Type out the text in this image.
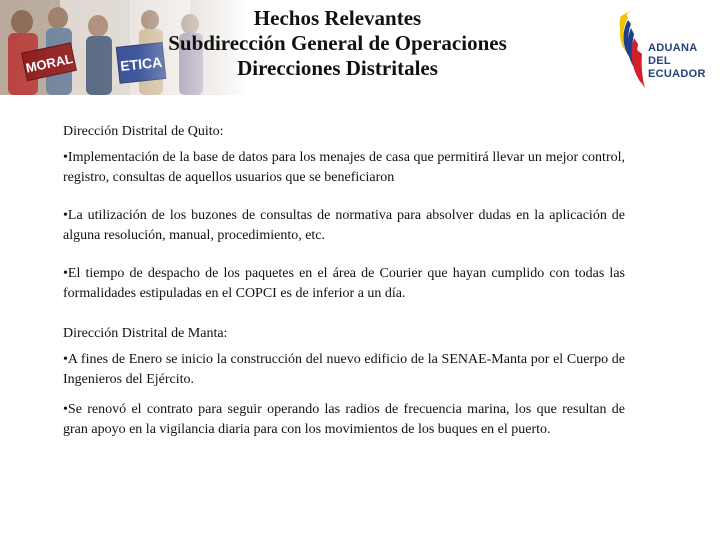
Hechos Relevantes
Subdirección General de Operaciones
Direcciones Distritales
ADUANA
DEL
ECUADOR
Dirección Distrital de Quito:
•Implementación de la base de datos para los menajes de casa que permitirá llevar un mejor control, registro, consultas de aquellos usuarios que se beneficiaron
•La utilización de los buzones de consultas de normativa para absolver dudas en la aplicación de alguna resolución, manual, procedimiento, etc.
•El tiempo de despacho de los paquetes en el área de Courier que hayan cumplido con todas las formalidades estipuladas en el COPCI es de inferior a un día.
Dirección Distrital de Manta:
•A fines de Enero se inicio la construcción del nuevo edificio de la SENAE-Manta por el Cuerpo de Ingenieros del Ejército.
•Se renovó el contrato para seguir operando las radios de frecuencia marina, los que resultan de gran apoyo en la vigilancia diaria para con los movimientos de los buques en el puerto.
